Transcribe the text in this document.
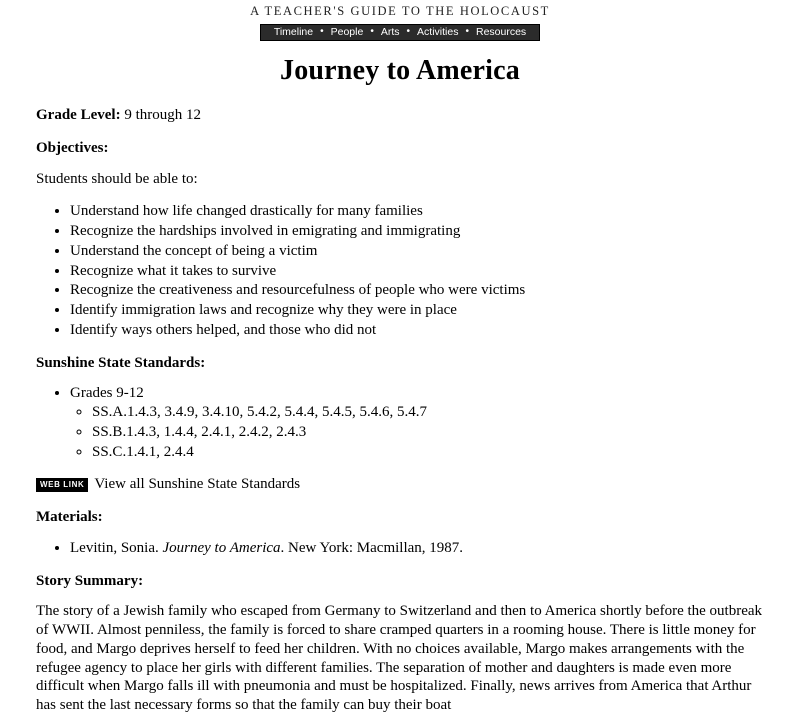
A TEACHER'S GUIDE TO THE HOLOCAUST
Timeline • People • Arts • Activities • Resources
Journey to America

Grade Level: 9 through 12

Objectives:

Students should be able to:

• Understand how life changed drastically for many families
• Recognize the hardships involved in emigrating and immigrating
• Understand the concept of being a victim
• Recognize what it takes to survive
• Recognize the creativeness and resourcefulness of people who were victims
• Identify immigration laws and recognize why they were in place
• Identify ways others helped, and those who did not

Sunshine State Standards:

• Grades 9-12
◦ SS.A.1.4.3, 3.4.9, 3.4.10, 5.4.2, 5.4.4, 5.4.5, 5.4.6, 5.4.7
◦ SS.B.1.4.3, 1.4.4, 2.4.1, 2.4.2, 2.4.3
◦ SS.C.1.4.1, 2.4.4
WEB LINK View all Sunshine State Standards

Materials:

• Levitin, Sonia. Journey to America. New York: Macmillan, 1987.

Story Summary:

The story of a Jewish family who escaped from Germany to Switzerland and then to America shortly before the outbreak of WWII. Almost penniless, the family is forced to share cramped quarters in a rooming house. There is little money for food, and Margo deprives herself to feed her children. With no choices available, Margo makes arrangements with the refugee agency to place her girls with different families. The separation of mother and daughters is made even more difficult when Margo falls ill with pneumonia and must be hospitalized. Finally, news arrives from America that Arthur has sent the last necessary forms so that the family can buy their boat
